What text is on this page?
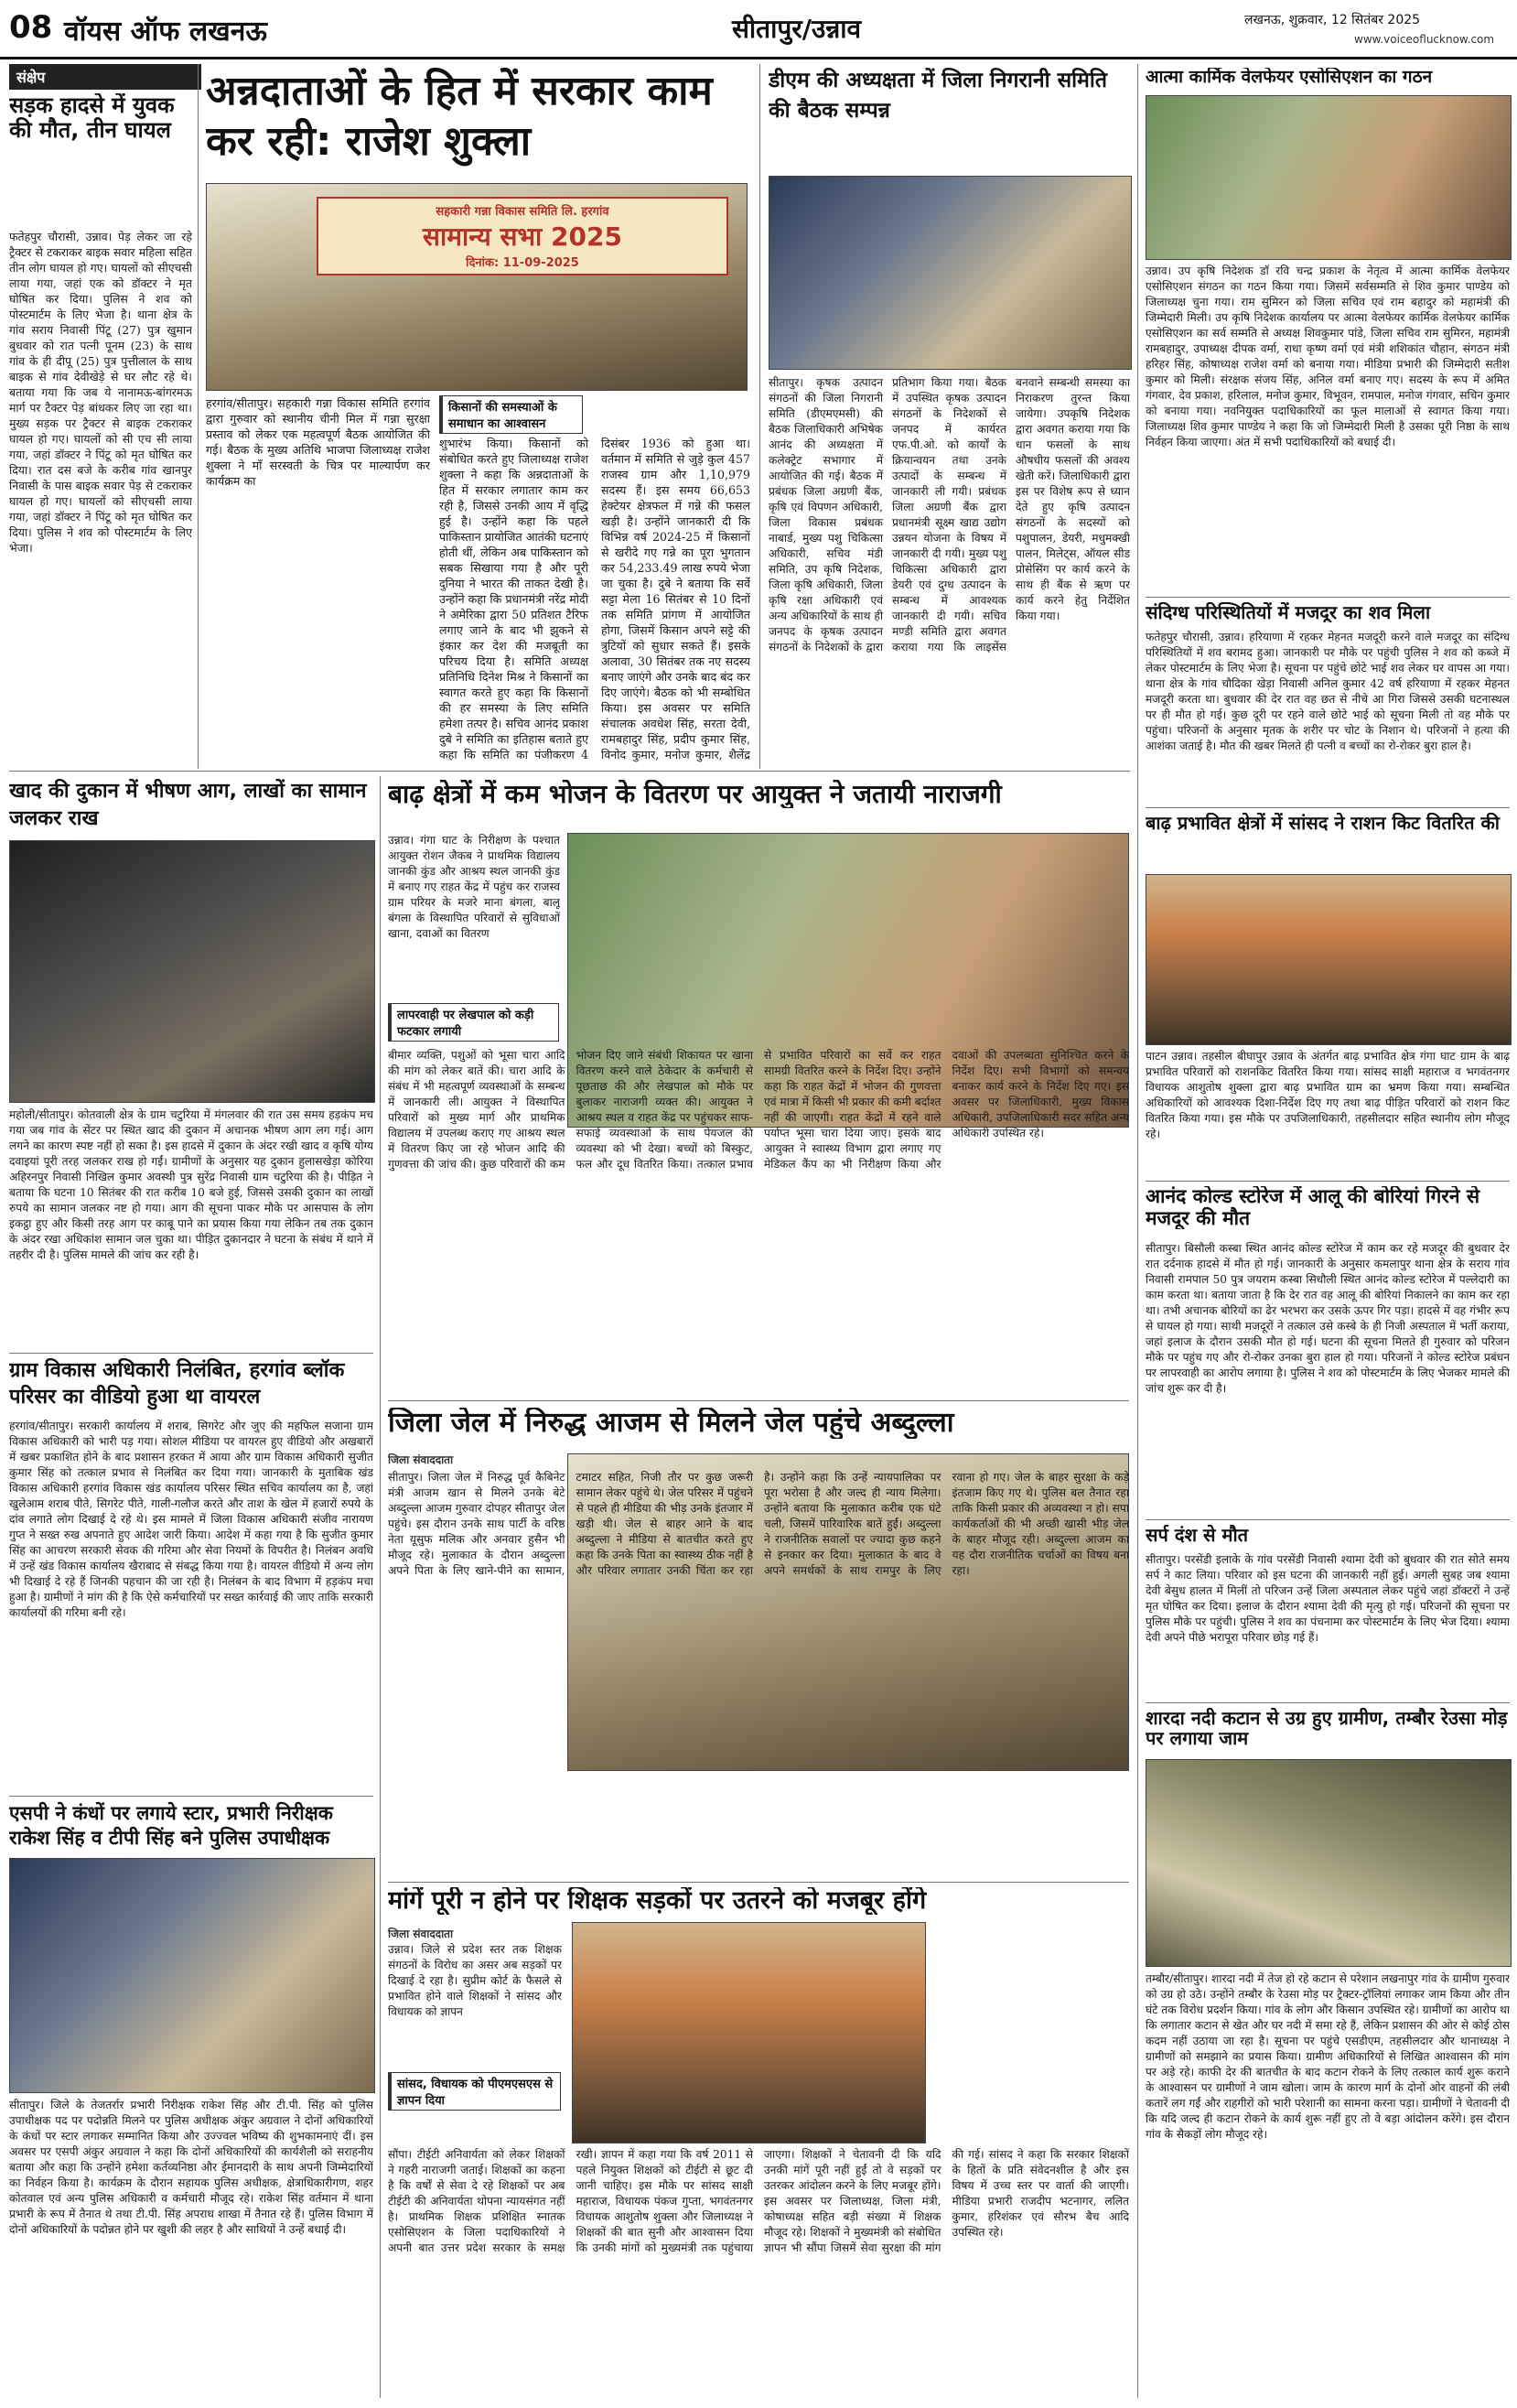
08 वॉयस ऑफ लखनऊ	सीतापुर/उन्नाव	लखनऊ, शुक्रवार, 12 सितंबर 2025
www.voiceoflucknow.com
संक्षेप
सड़क हादसे में युवक की मौत, तीन घायल
फतेहपुर चौरासी, उन्नाव। पेड़ लेकर जा रहे ट्रैक्टर से टकराकर बाइक सवार महिला सहित तीन लोग घायल हो गए। घायलों को सीएचसी लाया गया, जहां एक को डॉक्टर ने मृत घोषित कर दिया। पुलिस ने शव को पोस्टमार्टम के लिए भेजा है। थाना क्षेत्र के गांव सराय निवासी पिंटू (27) पुत्र खुमान बुधवार को रात पत्नी पूनम (23) के साथ गांव के ही दीपू (25) पुत्र पुत्तीलाल के साथ बाइक से गांव देवीखेड़े से घर लौट रहे थे। बताया गया कि जब ये नानामऊ-बांगरमऊ मार्ग पर टैक्टर पेड़ बांधकर लिए जा रहा था। मुख्य सड़क पर ट्रैक्टर से बाइक टकराकर घायल हो गए। घायलों को सी एच सी लाया गया, जहां डॉक्टर ने पिंटू को मृत घोषित कर दिया। रात दस बजे के करीब गांव खानपुर निवासी के पास बाइक सवार पेड़ से टकराकर घायल हो गए। घायलों को सीएचसी लाया गया, जहां डॉक्टर ने पिंटू को मृत घोषित कर दिया। पुलिस ने शव को पोस्टमार्टम के लिए भेजा।
अन्नदाताओं के हित में सरकार काम कर रही: राजेश शुक्ला
सहकारी गन्ना विकास समिति लि. हरगांव
सामान्य सभा 2025
दिनांक: 11-09-2025
हरगांव/सीतापुर। सहकारी गन्ना विकास समिति हरगांव द्वारा गुरुवार को स्थानीय चीनी मिल में गन्ना सुरक्षा प्रस्ताव को लेकर एक महत्वपूर्ण बैठक आयोजित की गई। बैठक के मुख्य अतिथि भाजपा जिलाध्यक्ष राजेश शुक्ला ने माँ सरस्वती के चित्र पर माल्यार्पण कर कार्यक्रम का
किसानों की समस्याओं के समाधान का आश्वासन
शुभारंभ किया। किसानों को संबोधित करते हुए जिलाध्यक्ष राजेश शुक्ला ने कहा कि अन्नदाताओं के हित में सरकार लगातार काम कर रही है, जिससे उनकी आय में वृद्धि हुई है। उन्होंने कहा कि पहले पाकिस्तान प्रायोजित आतंकी घटनाएं होती थीं, लेकिन अब पाकिस्तान को सबक सिखाया गया है और पूरी दुनिया ने भारत की ताकत देखी है। उन्होंने कहा कि प्रधानमंत्री नरेंद्र मोदी ने अमेरिका द्वारा 50 प्रतिशत टैरिफ लगाए जाने के बाद भी झुकने से इंकार कर देश की मजबूती का परिचय दिया है। समिति अध्यक्ष प्रतिनिधि दिनेश मिश्र ने किसानों का स्वागत करते हुए कहा कि किसानों की हर समस्या के लिए समिति हमेशा तत्पर है। सचिव आनंद प्रकाश दुबे ने समिति का इतिहास बताते हुए कहा कि समिति का पंजीकरण 4 दिसंबर 1936 को हुआ था। वर्तमान में समिति से जुड़े कुल 457 राजस्व ग्राम और 1,10,979 सदस्य हैं। इस समय 66,653 हेक्टेयर क्षेत्रफल में गन्ने की फसल खड़ी है। उन्होंने जानकारी दी कि विभिन्न वर्ष 2024-25 में किसानों से खरीदे गए गन्ने का पूरा भुगतान कर 54,233.49 लाख रुपये भेजा जा चुका है। दुबे ने बताया कि सर्वे सट्टा मेला 16 सितंबर से 10 दिनों तक समिति प्रांगण में आयोजित होगा, जिसमें किसान अपने सट्टे की त्रुटियों को सुधार सकते हैं। इसके अलावा, 30 सितंबर तक नए सदस्य बनाए जाएंगे और उनके बाद बंद कर दिए जाएंगे। बैठक को भी सम्बोधित किया। इस अवसर पर समिति संचालक अवधेश सिंह, सरता देवी, रामबहादुर सिंह, प्रदीप कुमार सिंह, विनोद कुमार, मनोज कुमार, शैलेंद्र
डीएम की अध्यक्षता में जिला निगरानी समिति की बैठक सम्पन्न
सीतापुर। कृषक उत्पादन संगठनों की जिला निगरानी समिति (डीएमएमसी) की बैठक जिलाधिकारी अभिषेक आनंद की अध्यक्षता में कलेक्ट्रेट सभागार में आयोजित की गई। बैठक में प्रबंधक जिला अग्रणी बैंक, कृषि एवं विपणन अधिकारी, जिला विकास प्रबंधक नाबार्ड, मुख्य पशु चिकित्सा अधिकारी, सचिव मंडी समिति, उप कृषि निदेशक, जिला कृषि अधिकारी, जिला कृषि रक्षा अधिकारी एवं अन्य अधिकारियों के साथ ही जनपद के कृषक उत्पादन संगठनों के निदेशकों के द्वारा प्रतिभाग किया गया। बैठक में उपस्थित कृषक उत्पादन संगठनों के निदेशकों से जनपद में कार्यरत एफ.पी.ओ. को कार्यों के क्रियान्वयन तथा उनके उत्पादों के सम्बन्ध में जानकारी ली गयी। प्रबंधक जिला अग्रणी बैंक द्वारा प्रधानमंत्री सूक्ष्म खाद्य उद्योग उन्नयन योजना के विषय में जानकारी दी गयी। मुख्य पशु चिकित्सा अधिकारी द्वारा डेयरी एवं दुग्ध उत्पादन के सम्बन्ध में आवश्यक जानकारी दी गयी। सचिव मण्डी समिति द्वारा अवगत कराया गया कि लाइसेंस बनवाने सम्बन्धी समस्या का निराकरण तुरन्त किया जायेगा। उपकृषि निदेशक द्वारा अवगत कराया गया कि धान फसलों के साथ औषधीय फसलों की अवश्य खेती करें। जिलाधिकारी द्वारा इस पर विशेष रूप से ध्यान देते हुए कृषि उत्पादन संगठनों के सदस्यों को पशुपालन, डेयरी, मधुमक्खी पालन, मिलेट्स, ऑयल सीड प्रोसेसिंग पर कार्य करने के साथ ही बैंक से ऋण पर कार्य करने हेतु निर्देशित किया गया।
आत्मा कार्मिक वेलफेयर एसोसिएशन का गठन
उन्नाव। उप कृषि निदेशक डॉ रवि चन्द्र प्रकाश के नेतृत्व में आत्मा कार्मिक वेलफेयर एसोसिएशन संगठन का गठन किया गया। जिसमें सर्वसम्मति से शिव कुमार पाण्डेय को जिलाध्यक्ष चुना गया। राम सुमिरन को जिला सचिव एवं राम बहादुर को महामंत्री की जिम्मेदारी मिली। उप कृषि निदेशक कार्यालय पर आत्मा वेलफेयर कार्मिक वेलफेयर कार्मिक एसोसिएशन का सर्व सम्मति से अध्यक्ष शिवकुमार पांडे, जिला सचिव राम सुमिरन, महामंत्री रामबहादुर, उपाध्यक्ष दीपक वर्मा, राधा कृष्ण वर्मा एवं मंत्री शशिकांत चौहान, संगठन मंत्री हरिहर सिंह, कोषाध्यक्ष राजेश वर्मा को बनाया गया। मीडिया प्रभारी की जिम्मेदारी सतीश कुमार को मिली। संरक्षक संजय सिंह, अनिल वर्मा बनाए गए। सदस्य के रूप में अमित गंगवार, देव प्रकाश, हरिलाल, मनोज कुमार, विभूवन, रामपाल, मनोज गंगवार, सचिन कुमार को बनाया गया। नवनियुक्त पदाधिकारियों का फूल मालाओं से स्वागत किया गया। जिलाध्यक्ष शिव कुमार पाण्डेय ने कहा कि जो जिम्मेदारी मिली है उसका पूरी निष्ठा के साथ निर्वहन किया जाएगा। अंत में सभी पदाधिकारियों को बधाई दी।
संदिग्ध परिस्थितियों में मजदूर का शव मिला
फतेहपुर चौरासी, उन्नाव। हरियाणा में रहकर मेहनत मजदूरी करने वाले मजदूर का संदिग्ध परिस्थितियों में शव बरामद हुआ। जानकारी पर मौके पर पहुंची पुलिस ने शव को कब्जे में लेकर पोस्टमार्टम के लिए भेजा है। सूचना पर पहुंचे छोटे भाई शव लेकर घर वापस आ गया। थाना क्षेत्र के गांव चौदिका खेड़ा निवासी अनिल कुमार 42 वर्ष हरियाणा में रहकर मेहनत मजदूरी करता था। बुधवार की देर रात वह छत से नीचे आ गिरा जिससे उसकी घटनास्थल पर ही मौत हो गई। कुछ दूरी पर रहने वाले छोटे भाई को सूचना मिली तो वह मौके पर पहुंचा। परिजनों के अनुसार मृतक के शरीर पर चोट के निशान थे। परिजनों ने हत्या की आशंका जताई है। मौत की खबर मिलते ही पत्नी व बच्चों का रो-रोकर बुरा हाल है।
बाढ़ प्रभावित क्षेत्रों में सांसद ने राशन किट वितरित की
पाटन उन्नाव। तहसील बीघापुर उन्नाव के अंतर्गत बाढ़ प्रभावित क्षेत्र गंगा घाट ग्राम के बाढ़ प्रभावित परिवारों को राशनकिट वितरित किया गया। सांसद साक्षी महाराज व भगवंतनगर विधायक आशुतोष शुक्ला द्वारा बाढ़ प्रभावित ग्राम का भ्रमण किया गया। सम्बन्धित अधिकारियों को आवश्यक दिशा-निर्देश दिए गए तथा बाढ़ पीड़ित परिवारों को राशन किट वितरित किया गया। इस मौके पर उपजिलाधिकारी, तहसीलदार सहित स्थानीय लोग मौजूद रहे।
आनंद कोल्ड स्टोरेज में आलू की बोरियां गिरने से मजदूर की मौत
सीतापुर। बिसौली कस्बा स्थित आनंद कोल्ड स्टोरेज में काम कर रहे मजदूर की बुधवार देर रात दर्दनाक हादसे में मौत हो गई। जानकारी के अनुसार कमलापुर थाना क्षेत्र के सराय गांव निवासी रामपाल 50 पुत्र जयराम कस्बा सिधौली स्थित आनंद कोल्ड स्टोरेज में पल्लेदारी का काम करता था। बताया जाता है कि देर रात वह आलू की बोरियां निकालने का काम कर रहा था। तभी अचानक बोरियों का ढेर भरभरा कर उसके ऊपर गिर पड़ा। हादसे में वह गंभीर रूप से घायल हो गया। साथी मजदूरों ने तत्काल उसे कस्बे के ही निजी अस्पताल में भर्ती कराया, जहां इलाज के दौरान उसकी मौत हो गई। घटना की सूचना मिलते ही गुरुवार को परिजन मौके पर पहुंच गए और रो-रोकर उनका बुरा हाल हो गया। परिजनों ने कोल्ड स्टोरेज प्रबंधन पर लापरवाही का आरोप लगाया है। पुलिस ने शव को पोस्टमार्टम के लिए भेजकर मामले की जांच शुरू कर दी है।
सर्प दंश से मौत
सीतापुर। परसेंडी इलाके के गांव परसेंडी निवासी श्यामा देवी को बुधवार की रात सोते समय सर्प ने काट लिया। परिवार को इस घटना की जानकारी नहीं हुई। अगली सुबह जब श्यामा देवी बेसुध हालत में मिलीं तो परिजन उन्हें जिला अस्पताल लेकर पहुंचे जहां डॉक्टरों ने उन्हें मृत घोषित कर दिया। इलाज के दौरान श्यामा देवी की मृत्यु हो गई। परिजनों की सूचना पर पुलिस मौके पर पहुंची। पुलिस ने शव का पंचनामा कर पोस्टमार्टम के लिए भेज दिया। श्यामा देवी अपने पीछे भरापूरा परिवार छोड़ गई हैं।
शारदा नदी कटान से उग्र हुए ग्रामीण, तम्बौर रेउसा मोड़ पर लगाया जाम
तम्बौर/सीतापुर। शारदा नदी में तेज हो रहे कटान से परेशान लखनापुर गांव के ग्रामीण गुरुवार को उग्र हो उठे। उन्होंने तम्बौर के रेउसा मोड़ पर ट्रैक्टर-ट्रॉलियां लगाकर जाम किया और तीन घंटे तक विरोध प्रदर्शन किया। गांव के लोग और किसान उपस्थित रहे। ग्रामीणों का आरोप था कि लगातार कटान से खेत और घर नदी में समा रहे हैं, लेकिन प्रशासन की ओर से कोई ठोस कदम नहीं उठाया जा रहा है। सूचना पर पहुंचे एसडीएम, तहसीलदार और थानाध्यक्ष ने ग्रामीणों को समझाने का प्रयास किया। ग्रामीण अधिकारियों से लिखित आश्वासन की मांग पर अड़े रहे। काफी देर की बातचीत के बाद कटान रोकने के लिए तत्काल कार्य शुरू कराने के आश्वासन पर ग्रामीणों ने जाम खोला। जाम के कारण मार्ग के दोनों ओर वाहनों की लंबी कतारें लग गईं और राहगीरों को भारी परेशानी का सामना करना पड़ा। ग्रामीणों ने चेतावनी दी कि यदि जल्द ही कटान रोकने के कार्य शुरू नहीं हुए तो वे बड़ा आंदोलन करेंगे। इस दौरान गांव के सैकड़ों लोग मौजूद रहे।
खाद की दुकान में भीषण आग, लाखों का सामान जलकर राख
महोली/सीतापुर। कोतवाली क्षेत्र के ग्राम चटुरिया में मंगलवार की रात उस समय हड़कंप मच गया जब गांव के सेंटर पर स्थित खाद की दुकान में अचानक भीषण आग लग गई। आग लगने का कारण स्पष्ट नहीं हो सका है। इस हादसे में दुकान के अंदर रखी खाद व कृषि योग्य दवाइयां पूरी तरह जलकर राख हो गईं। ग्रामीणों के अनुसार यह दुकान हुलासखेड़ा कोरिया अहिरनपुर निवासी निखिल कुमार अवस्थी पुत्र सुरेंद्र निवासी ग्राम चटुरिया की है। पीड़ित ने बताया कि घटना 10 सितंबर की रात करीब 10 बजे हुई, जिससे उसकी दुकान का लाखों रुपये का सामान जलकर नष्ट हो गया। आग की सूचना पाकर मौके पर आसपास के लोग इकट्ठा हुए और किसी तरह आग पर काबू पाने का प्रयास किया गया लेकिन तब तक दुकान के अंदर रखा अधिकांश सामान जल चुका था। पीड़ित दुकानदार ने घटना के संबंध में थाने में तहरीर दी है। पुलिस मामले की जांच कर रही है।
ग्राम विकास अधिकारी निलंबित, हरगांव ब्लॉक परिसर का वीडियो हुआ था वायरल
हरगांव/सीतापुर। सरकारी कार्यालय में शराब, सिगरेट और जुए की महफिल सजाना ग्राम विकास अधिकारी को भारी पड़ गया। सोशल मीडिया पर वायरल हुए वीडियो और अखबारों में खबर प्रकाशित होने के बाद प्रशासन हरकत में आया और ग्राम विकास अधिकारी सुजीत कुमार सिंह को तत्काल प्रभाव से निलंबित कर दिया गया। जानकारी के मुताबिक खंड विकास अधिकारी हरगांव विकास खंड कार्यालय परिसर स्थित सचिव कार्यालय का है, जहां खुलेआम शराब पीते, सिगरेट पीते, गाली-गलौज करते और ताश के खेल में हजारों रुपये के दांव लगाते लोग दिखाई दे रहे थे। इस मामले में जिला विकास अधिकारी संजीव नारायण गुप्त ने सख्त रुख अपनाते हुए आदेश जारी किया। आदेश में कहा गया है कि सुजीत कुमार सिंह का आचरण सरकारी सेवक की गरिमा और सेवा नियमों के विपरीत है। निलंबन अवधि में उन्हें खंड विकास कार्यालय खैराबाद से संबद्ध किया गया है। वायरल वीडियो में अन्य लोग भी दिखाई दे रहे हैं जिनकी पहचान की जा रही है। निलंबन के बाद विभाग में हड़कंप मचा हुआ है। ग्रामीणों ने मांग की है कि ऐसे कर्मचारियों पर सख्त कार्रवाई की जाए ताकि सरकारी कार्यालयों की गरिमा बनी रहे।
एसपी ने कंधों पर लगाये स्टार, प्रभारी निरीक्षक राकेश सिंह व टीपी सिंह बने पुलिस उपाधीक्षक
सीतापुर। जिले के तेजतर्रार प्रभारी निरीक्षक राकेश सिंह और टी.पी. सिंह को पुलिस उपाधीक्षक पद पर पदोन्नति मिलने पर पुलिस अधीक्षक अंकुर अग्रवाल ने दोनों अधिकारियों के कंधों पर स्टार लगाकर सम्मानित किया और उज्ज्वल भविष्य की शुभकामनाएं दीं। इस अवसर पर एसपी अंकुर अग्रवाल ने कहा कि दोनों अधिकारियों की कार्यशैली को सराहनीय बताया और कहा कि उन्होंने हमेशा कर्तव्यनिष्ठा और ईमानदारी के साथ अपनी जिम्मेदारियों का निर्वहन किया है। कार्यक्रम के दौरान सहायक पुलिस अधीक्षक, क्षेत्राधिकारीगण, शहर कोतवाल एवं अन्य पुलिस अधिकारी व कर्मचारी मौजूद रहे। राकेश सिंह वर्तमान में थाना प्रभारी के रूप में तैनात थे तथा टी.पी. सिंह अपराध शाखा में तैनात रहे हैं। पुलिस विभाग में दोनों अधिकारियों के पदोन्नत होने पर खुशी की लहर है और साथियों ने उन्हें बधाई दी।
बाढ़ क्षेत्रों में कम भोजन के वितरण पर आयुक्त ने जतायी नाराजगी
उन्नाव। गंगा घाट के निरीक्षण के पश्चात आयुक्त रोशन जैकब ने प्राथमिक विद्यालय जानकी कुंड और आश्रय स्थल जानकी कुंड में बनाए गए राहत केंद्र में पहुंच कर राजस्व ग्राम परियर के मजरे माना बंगला, बालू बंगला के विस्थापित परिवारों से सुविधाओं खाना, दवाओं का वितरण
लापरवाही पर लेखपाल को कड़ी फटकार लगायी
बीमार व्यक्ति, पशुओं को भूसा चारा आदि की मांग को लेकर बातें की। चारा आदि के संबंध में भी महत्वपूर्ण व्यवस्थाओं के सम्बन्ध में जानकारी ली। आयुक्त ने विस्थापित परिवारों को मुख्य मार्ग और प्राथमिक विद्यालय में उपलब्ध कराए गए आश्रय स्थल में वितरण किए जा रहे भोजन आदि की गुणवत्ता की जांच की। कुछ परिवारों की कम भोजन दिए जाने संबंधी शिकायत पर खाना वितरण करने वाले ठेकेदार के कर्मचारी से पूछताछ की और लेखपाल को मौके पर बुलाकर नाराजगी व्यक्त की। आयुक्त ने आश्रय स्थल व राहत केंद्र पर पहुंचकर साफ-सफाई व्यवस्थाओं के साथ पेयजल की व्यवस्था को भी देखा। बच्चों को बिस्कुट, फल और दूध वितरित किया। तत्काल प्रभाव से प्रभावित परिवारों का सर्वे कर राहत सामग्री वितरित करने के निर्देश दिए। उन्होंने कहा कि राहत केंद्रों में भोजन की गुणवत्ता एवं मात्रा में किसी भी प्रकार की कमी बर्दाश्त नहीं की जाएगी। राहत केंद्रों में रहने वाले पर्याप्त भूसा चारा दिया जाए। इसके बाद आयुक्त ने स्वास्थ्य विभाग द्वारा लगाए गए मेडिकल कैंप का भी निरीक्षण किया और दवाओं की उपलब्धता सुनिश्चित करने के निर्देश दिए। सभी विभागों को समन्वय बनाकर कार्य करने के निर्देश दिए गए। इस अवसर पर जिलाधिकारी, मुख्य विकास अधिकारी, उपजिलाधिकारी सदर सहित अन्य अधिकारी उपस्थित रहे।
जिला जेल में निरुद्ध आजम से मिलने जेल पहुंचे अब्दुल्ला
जिला संवाददाता
सीतापुर। जिला जेल में निरुद्ध पूर्व कैबिनेट मंत्री आजम खान से मिलने उनके बेटे अब्दुल्ला आजम गुरुवार दोपहर सीतापुर जेल पहुंचे। इस दौरान उनके साथ पार्टी के वरिष्ठ नेता यूसुफ मलिक और अनवार हुसैन भी मौजूद रहे। मुलाकात के दौरान अब्दुल्ला अपने पिता के लिए खाने-पीने का सामान, टमाटर सहित, निजी तौर पर कुछ जरूरी सामान लेकर पहुंचे थे। जेल परिसर में पहुंचने से पहले ही मीडिया की भीड़ उनके इंतजार में खड़ी थी। जेल से बाहर आने के बाद अब्दुल्ला ने मीडिया से बातचीत करते हुए कहा कि उनके पिता का स्वास्थ्य ठीक नहीं है और परिवार लगातार उनकी चिंता कर रहा है। उन्होंने कहा कि उन्हें न्यायपालिका पर पूरा भरोसा है और जल्द ही न्याय मिलेगा। उन्होंने बताया कि मुलाकात करीब एक घंटे चली, जिसमें पारिवारिक बातें हुईं। अब्दुल्ला ने राजनीतिक सवालों पर ज्यादा कुछ कहने से इनकार कर दिया। मुलाकात के बाद वे अपने समर्थकों के साथ रामपुर के लिए रवाना हो गए। जेल के बाहर सुरक्षा के कड़े इंतजाम किए गए थे। पुलिस बल तैनात रहा ताकि किसी प्रकार की अव्यवस्था न हो। सपा कार्यकर्ताओं की भी अच्छी खासी भीड़ जेल के बाहर मौजूद रही। अब्दुल्ला आजम का यह दौरा राजनीतिक चर्चाओं का विषय बना रहा।
मांगें पूरी न होने पर शिक्षक सड़कों पर उतरने को मजबूर होंगे
जिला संवाददाता
उन्नाव। जिले से प्रदेश स्तर तक शिक्षक संगठनों के विरोध का असर अब सड़कों पर दिखाई दे रहा है। सुप्रीम कोर्ट के फैसले से प्रभावित होने वाले शिक्षकों ने सांसद और विधायक को ज्ञापन
सांसद, विधायक को पीएमएसएस से ज्ञापन दिया
सौंपा। टीईटी अनिवार्यता को लेकर शिक्षकों ने गहरी नाराजगी जताई। शिक्षकों का कहना है कि वर्षों से सेवा दे रहे शिक्षकों पर अब टीईटी की अनिवार्यता थोपना न्यायसंगत नहीं है। प्राथमिक शिक्षक प्रशिक्षित स्नातक एसोसिएशन के जिला पदाधिकारियों ने अपनी बात उत्तर प्रदेश सरकार के समक्ष रखी। ज्ञापन में कहा गया कि वर्ष 2011 से पहले नियुक्त शिक्षकों को टीईटी से छूट दी जानी चाहिए। इस मौके पर सांसद साक्षी महाराज, विधायक पंकज गुप्ता, भगवंतनगर विधायक आशुतोष शुक्ला और जिलाध्यक्ष ने शिक्षकों की बात सुनी और आश्वासन दिया कि उनकी मांगों को मुख्यमंत्री तक पहुंचाया जाएगा। शिक्षकों ने चेतावनी दी कि यदि उनकी मांगें पूरी नहीं हुईं तो वे सड़कों पर उतरकर आंदोलन करने के लिए मजबूर होंगे। इस अवसर पर जिलाध्यक्ष, जिला मंत्री, कोषाध्यक्ष सहित बड़ी संख्या में शिक्षक मौजूद रहे। शिक्षकों ने मुख्यमंत्री को संबोधित ज्ञापन भी सौंपा जिसमें सेवा सुरक्षा की मांग की गई। सांसद ने कहा कि सरकार शिक्षकों के हितों के प्रति संवेदनशील है और इस विषय में उच्च स्तर पर वार्ता की जाएगी। मीडिया प्रभारी राजदीप भटनागर, ललित कुमार, हरिशंकर एवं सौरभ बैच आदि उपस्थित रहे।
